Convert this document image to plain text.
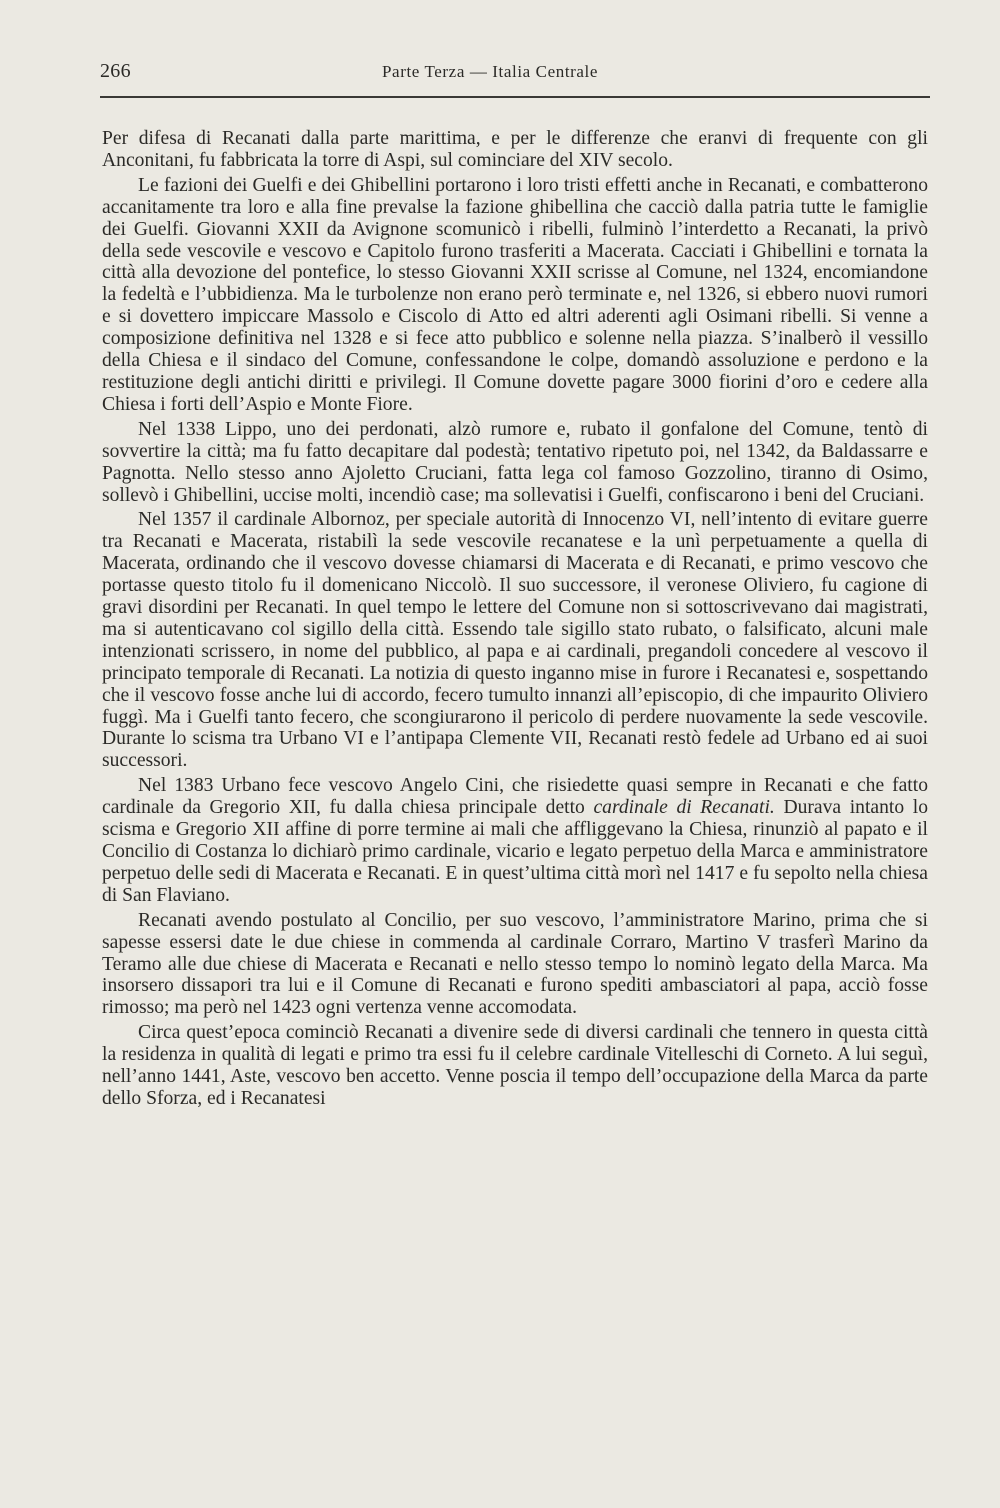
266	Parte Terza — Italia Centrale

Per difesa di Recanati dalla parte marittima, e per le differenze che eranvi di frequente con gli Anconitani, fu fabbricata la torre di Aspi, sul cominciare del XIV secolo.

Le fazioni dei Guelfi e dei Ghibellini portarono i loro tristi effetti anche in Recanati, e combatterono accanitamente tra loro e alla fine prevalse la fazione ghibellina che cacciò dalla patria tutte le famiglie dei Guelfi. Giovanni XXII da Avignone scomunicò i ribelli, fulminò l’interdetto a Recanati, la privò della sede vescovile e vescovo e Capitolo furono trasferiti a Macerata. Cacciati i Ghibellini e tornata la città alla devozione del pontefice, lo stesso Giovanni XXII scrisse al Comune, nel 1324, encomiandone la fedeltà e l’ubbidienza. Ma le turbolenze non erano però terminate e, nel 1326, si ebbero nuovi rumori e si dovettero impiccare Massolo e Ciscolo di Atto ed altri aderenti agli Osimani ribelli. Si venne a composizione definitiva nel 1328 e si fece atto pubblico e solenne nella piazza. S’inalberò il vessillo della Chiesa e il sindaco del Comune, confessandone le colpe, domandò assoluzione e perdono e la restituzione degli antichi diritti e privilegi. Il Comune dovette pagare 3000 fiorini d’oro e cedere alla Chiesa i forti dell’Aspio e Monte Fiore.

Nel 1338 Lippo, uno dei perdonati, alzò rumore e, rubato il gonfalone del Comune, tentò di sovvertire la città; ma fu fatto decapitare dal podestà; tentativo ripetuto poi, nel 1342, da Baldassarre e Pagnotta. Nello stesso anno Ajoletto Cruciani, fatta lega col famoso Gozzolino, tiranno di Osimo, sollevò i Ghibellini, uccise molti, incendiò case; ma sollevatisi i Guelfi, confiscarono i beni del Cruciani.

Nel 1357 il cardinale Albornoz, per speciale autorità di Innocenzo VI, nell’intento di evitare guerre tra Recanati e Macerata, ristabilì la sede vescovile recanatese e la unì perpetuamente a quella di Macerata, ordinando che il vescovo dovesse chiamarsi di Macerata e di Recanati, e primo vescovo che portasse questo titolo fu il domenicano Niccolò. Il suo successore, il veronese Oliviero, fu cagione di gravi disordini per Recanati. In quel tempo le lettere del Comune non si sottoscrivevano dai magistrati, ma si autenticavano col sigillo della città. Essendo tale sigillo stato rubato, o falsificato, alcuni male intenzionati scrissero, in nome del pubblico, al papa e ai cardinali, pregandoli concedere al vescovo il principato temporale di Recanati. La notizia di questo inganno mise in furore i Recanatesi e, sospettando che il vescovo fosse anche lui di accordo, fecero tumulto innanzi all’episcopio, di che impaurito Oliviero fuggì. Ma i Guelfi tanto fecero, che scongiurarono il pericolo di perdere nuovamente la sede vescovile. Durante lo scisma tra Urbano VI e l’antipapa Clemente VII, Recanati restò fedele ad Urbano ed ai suoi successori.

Nel 1383 Urbano fece vescovo Angelo Cini, che risiedette quasi sempre in Recanati e che fatto cardinale da Gregorio XII, fu dalla chiesa principale detto cardinale di Recanati. Durava intanto lo scisma e Gregorio XII affine di porre termine ai mali che affliggevano la Chiesa, rinunziò al papato e il Concilio di Costanza lo dichiarò primo cardinale, vicario e legato perpetuo della Marca e amministratore perpetuo delle sedi di Macerata e Recanati. E in quest’ultima città morì nel 1417 e fu sepolto nella chiesa di San Flaviano.

Recanati avendo postulato al Concilio, per suo vescovo, l’amministratore Marino, prima che si sapesse essersi date le due chiese in commenda al cardinale Corraro, Martino V trasferì Marino da Teramo alle due chiese di Macerata e Recanati e nello stesso tempo lo nominò legato della Marca. Ma insorsero dissapori tra lui e il Comune di Recanati e furono spediti ambasciatori al papa, acciò fosse rimosso; ma però nel 1423 ogni vertenza venne accomodata.

Circa quest’epoca cominciò Recanati a divenire sede di diversi cardinali che tennero in questa città la residenza in qualità di legati e primo tra essi fu il celebre cardinale Vitelleschi di Corneto. A lui seguì, nell’anno 1441, Aste, vescovo ben accetto. Venne poscia il tempo dell’occupazione della Marca da parte dello Sforza, ed i Recanatesi
